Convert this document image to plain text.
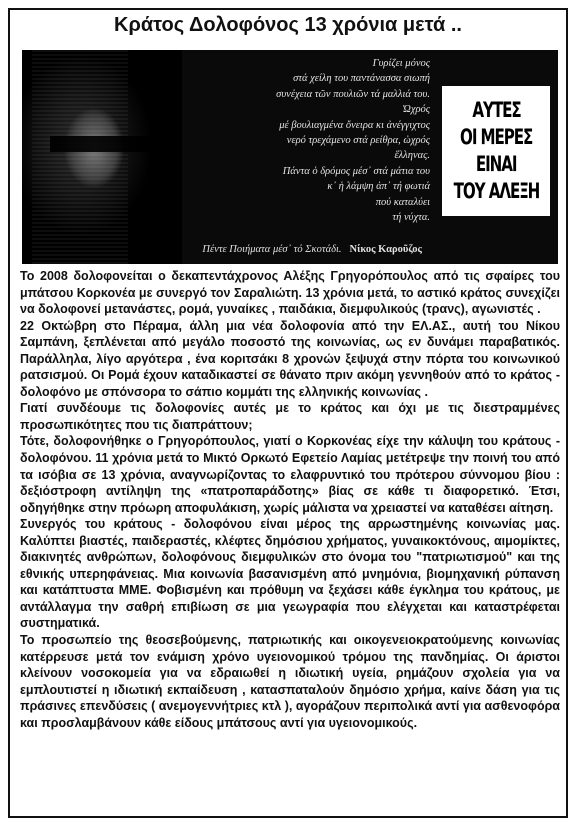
Κράτος Δολοφόνος 13 χρόνια μετά ..
Γυρίζει μόνος
στά χείλη του παντάνασσα σιωπή
συνέχεια τῶν πουλιῶν τά μαλλιά του.
Ὠχρός
μέ βουλιαγμένα ὄνειρα κι ἀνέγγιχτος
νερό τρεχάμενο στά ρείθρα, ὠχρός
ἕλληνας.
Πάντα ὁ δρόμος μέσ᾽ στά μάτια του
κ᾽ ἡ λάμψη ἀπ᾽ τή φωτιά
πού καταλύει
τή νύχτα.
Πέντε Ποιήματα μέσ᾽ τό Σκοτάδι. Νίκος Καροῦζος
ΑΥΤΕΣ
ΟΙ ΜΕΡΕΣ
ΕΙΝΑΙ
ΤΟΥ ΑΛΕΞΗ

Το 2008 δολοφονείται ο δεκαπεντάχρονος Αλέξης Γρηγορόπουλος από τις σφαίρες του μπάτσου Κορκονέα με συνεργό τον Σαραλιώτη. 13 χρόνια μετά, το αστικό κράτος συνεχίζει να δολοφονεί μετανάστες, ρομά, γυναίκες , παιδάκια, διεμφυλικούς (τρανς), αγωνιστές .

22 Οκτώβρη στο Πέραμα, άλλη μια νέα δολοφονία από την ΕΛ.ΑΣ., αυτή του Νίκου Σαμπάνη, ξεπλένεται από μεγάλο ποσοστό της κοινωνίας, ως εν δυνάμει παραβατικός. Παράλληλα, λίγο αργότερα , ένα κοριτσάκι 8 χρονών ξεψυχά στην πόρτα του κοινωνικού ρατσισμού. Οι Ρομά έχουν καταδικαστεί σε θάνατο πριν ακόμη γεννηθούν από το κράτος - δολοφόνο με σπόνσορα το σάπιο κομμάτι της ελληνικής κοινωνίας .

Γιατί συνδέουμε τις δολοφονίες αυτές με το κράτος και όχι με τις διεστραμμένες προσωπικότητες που τις διαπράττουν;

Τότε, δολοφονήθηκε ο Γρηγορόπουλος, γιατί ο Κορκονέας είχε την κάλυψη του κράτους - δολοφόνου. 11 χρόνια μετά το Μικτό Ορκωτό Εφετείο Λαμίας μετέτρεψε την ποινή του από τα ισόβια σε 13 χρόνια, αναγνωρίζοντας το ελαφρυντικό του πρότερου σύννομου βίου : δεξιόστροφη αντίληψη της «πατροπαράδοτης» βίας σε κάθε τι διαφορετικό. Έτσι, οδηγήθηκε στην πρόωρη αποφυλάκιση, χωρίς μάλιστα να χρειαστεί να καταθέσει αίτηση.

Συνεργός του κράτους - δολοφόνου είναι μέρος της αρρωστημένης κοινωνίας μας. Καλύπτει βιαστές, παιδεραστές, κλέφτες δημόσιου χρήματος, γυναικοκτόνους, αιμομίκτες, διακινητές ανθρώπων, δολοφόνους διεμφυλικών στο όνομα του "πατριωτισμού" και της εθνικής υπερηφάνειας. Μια κοινωνία βασανισμένη από μνημόνια, βιομηχανική ρύπανση και κατάπτυστα ΜΜΕ. Φοβισμένη και πρόθυμη να ξεχάσει κάθε έγκλημα του κράτους, με αντάλλαγμα την σαθρή επιβίωση σε μια γεωγραφία που ελέγχεται και καταστρέφεται συστηματικά.

Το προσωπείο της θεοσεβούμενης, πατριωτικής και οικογενειοκρατούμενης κοινωνίας κατέρρευσε μετά τον ενάμιση χρόνο υγειονομικού τρόμου της πανδημίας. Οι άριστοι κλείνουν νοσοκομεία για να εδραιωθεί η ιδιωτική υγεία, ρημάζουν σχολεία για να εμπλουτιστεί η ιδιωτική εκπαίδευση , κατασπαταλούν δημόσιο χρήμα, καίνε δάση για τις πράσινες επενδύσεις ( ανεμογεννήτριες κτλ ), αγοράζουν περιπολικά αντί για ασθενοφόρα και προσλαμβάνουν κάθε είδους μπάτσους αντί για υγειονομικούς.
